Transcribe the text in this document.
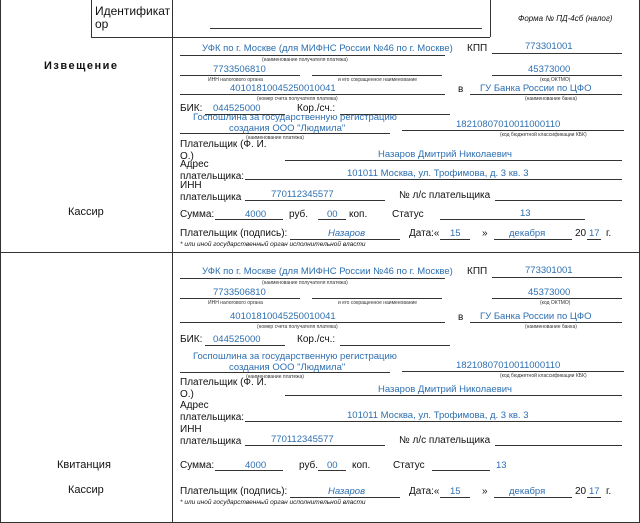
Идентификат
ор	Форма № ПД-4сб (налог)
Извещение
Кассир
Квитанция
Кассир
УФК по г. Москве (для МИФНС России №46 по г. Москве)
(наименование получателя платежа)
КПП	773301001
7733506810	45373000
ИНН налогового органа	и его сокращенное наименование	(код ОКТМО)
40101810045250010041	в ГУ Банка России по ЦФО
(номер счета получателя платежа)	(наименование банка)
БИК: 044525000	Кор./сч.:
Госпошлина за государственную регистрацию
создания ООО "Людмила"	18210807010011000110
(наименование платежа)	(код бюджетной классификации КБК)
Плательщик (Ф. И.
О.)	Назаров Дмитрий Николаевич
Адрес
плательщика:	101011 Москва, ул. Трофимова, д. 3 кв. 3
ИНН
плательщика	770112345577	№ л/с плательщика
Сумма:	4000 руб. 00 коп. Статус	13
Плательщик (подпись):	Назаров	Дата:« 15 » декабря	20 17 г.
* или иной государственный орган исполнительной власти
УФК по г. Москве (для МИФНС России №46 по г. Москве)
(наименование получателя платежа)
КПП	773301001
7733506810	45373000
ИНН налогового органа	и его сокращенное наименование	(код ОКТМО)
40101810045250010041	в ГУ Банка России по ЦФО
(номер счета получателя платежа)	(наименование банка)
БИК: 044525000	Кор./сч.:
Госпошлина за государственную регистрацию
создания ООО "Людмила"	18210807010011000110
(наименование платежа)	(код бюджетной классификации КБК)
Плательщик (Ф. И.
О.)	Назаров Дмитрий Николаевич
Адрес
плательщика:	101011 Москва, ул. Трофимова, д. 3 кв. 3
ИНН
плательщика	770112345577	№ л/с плательщика
Сумма:	4000	руб. 00 коп. Статус	13
Плательщик (подпись):	Назаров	Дата:« 15 » декабря	20 17 г.
* или иной государственный орган исполнительной власти
